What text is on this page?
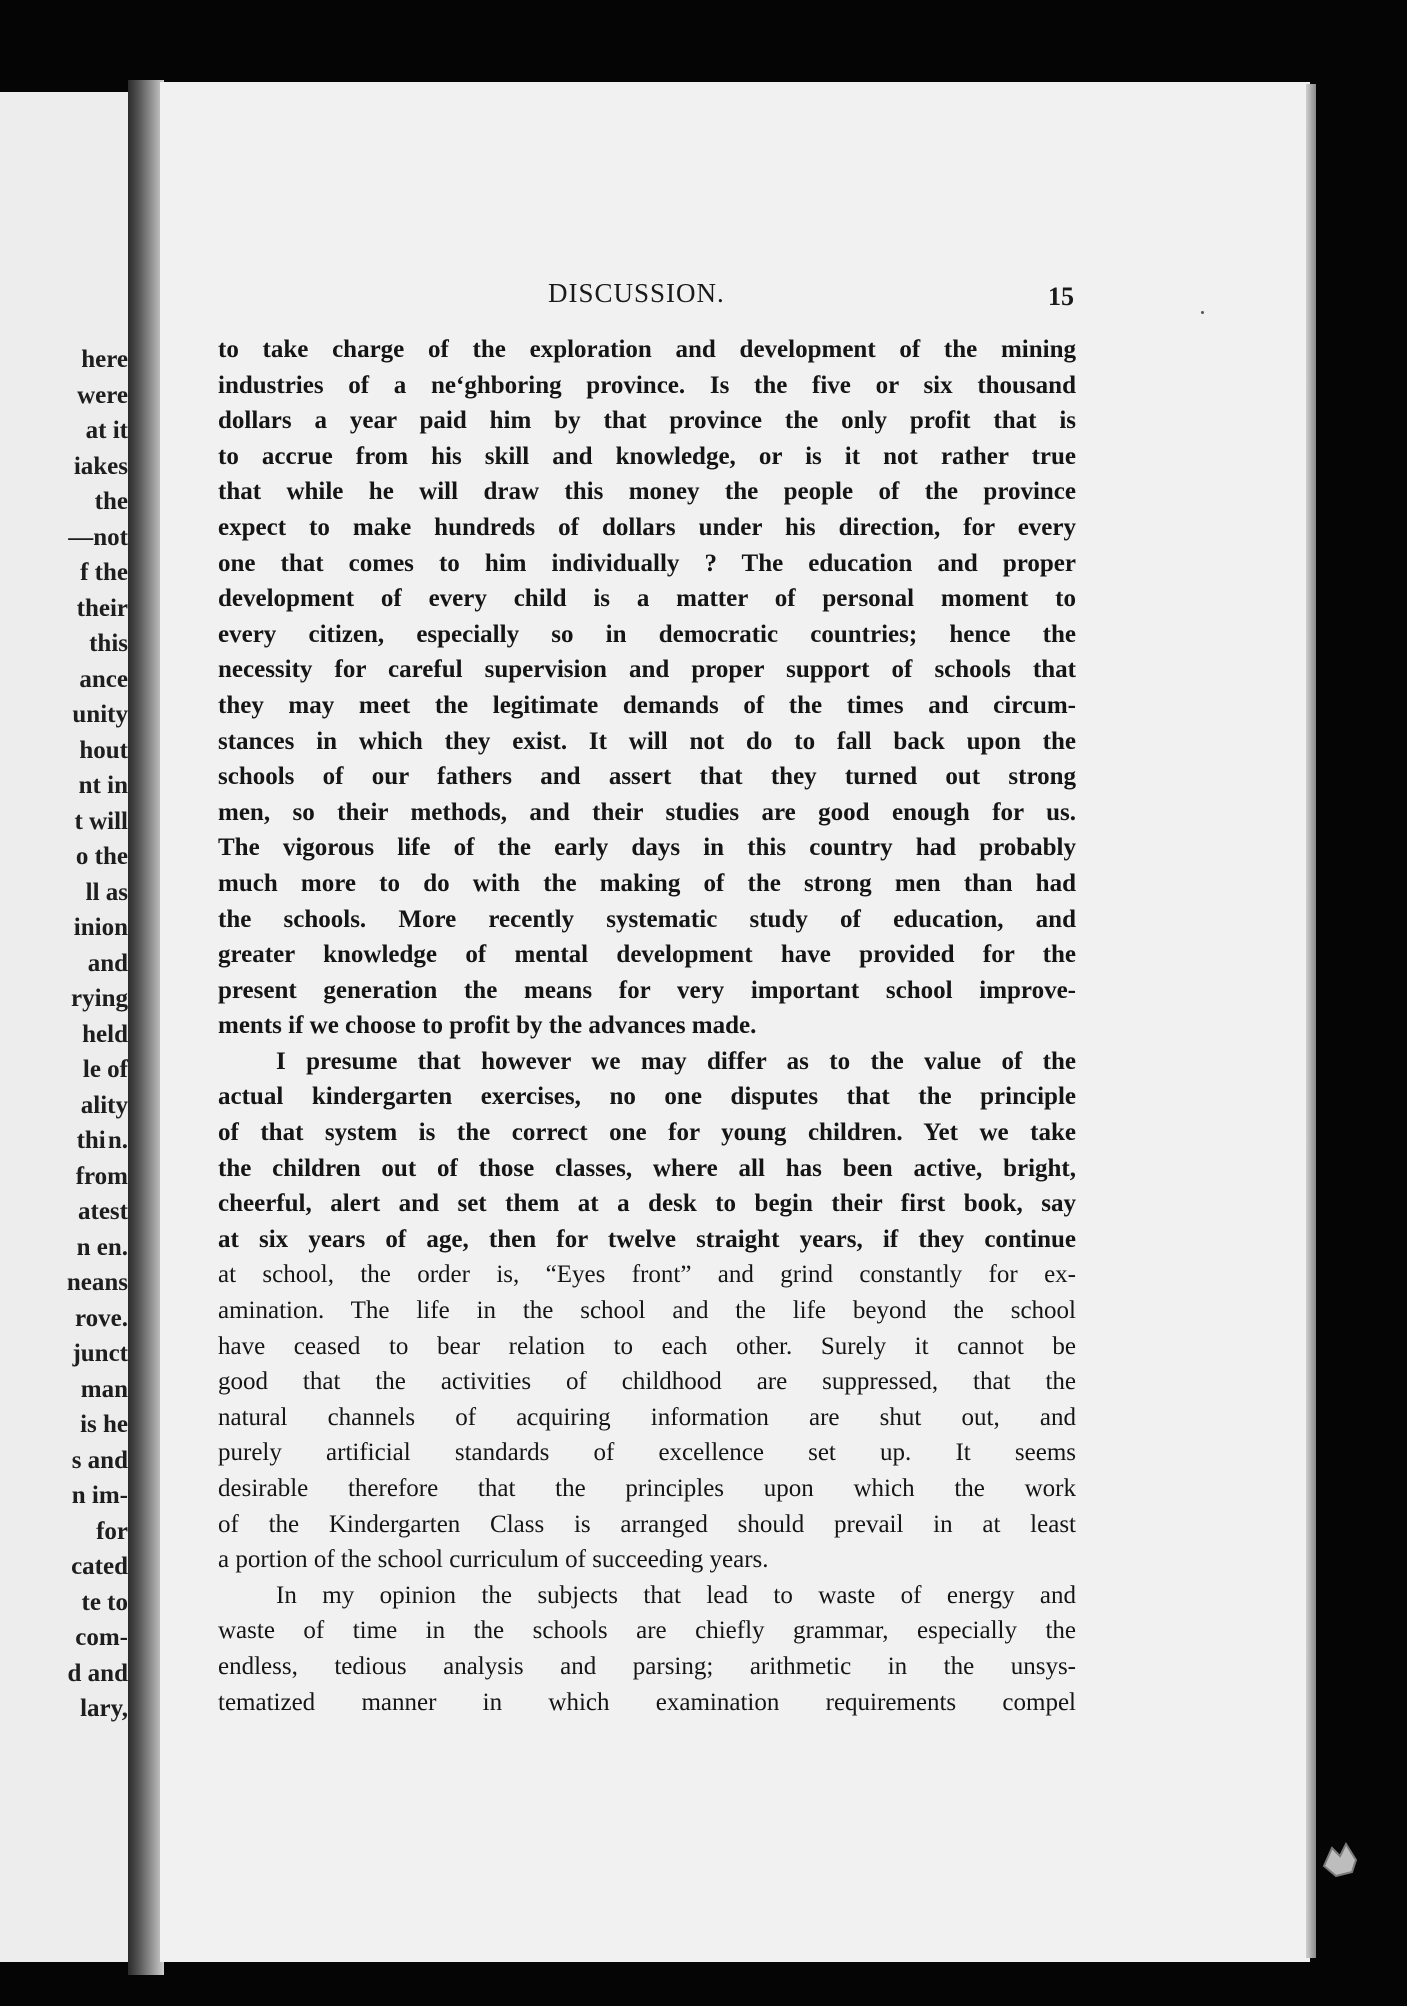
here
were
at it
iakes
the
—not
f the
their
this
ance
unity
hout
nt in
t will
o the
ll as
inion
and
rying
held
le of
ality
thi n.
from
atest
n en.
neans
rove.
junct
man
is he
s and
n im-
for
cated
te to
com-
d and
lary,
DISCUSSION.	15
to take charge of the exploration and development of the mining
industries of a neʻghboring province. Is the five or six thousand
dollars a year paid him by that province the only profit that is
to accrue from his skill and knowledge, or is it not rather true
that while he will draw this money the people of the province
expect to make hundreds of dollars under his direction, for every
one that comes to him individually ? The education and proper
development of every child is a matter of personal moment to
every citizen, especially so in democratic countries; hence the
necessity for careful supervision and proper support of schools that
they may meet the legitimate demands of the times and circum-
stances in which they exist. It will not do to fall back upon the
schools of our fathers and assert that they turned out strong
men, so their methods, and their studies are good enough for us.
The vigorous life of the early days in this country had probably
much more to do with the making of the strong men than had
the schools. More recently systematic study of education, and
greater knowledge of mental development have provided for the
present generation the means for very important school improve-
ments if we choose to profit by the advances made.
I presume that however we may differ as to the value of the
actual kindergarten exercises, no one disputes that the principle
of that system is the correct one for young children. Yet we take
the children out of those classes, where all has been active, bright,
cheerful, alert and set them at a desk to begin their first book, say
at six years of age, then for twelve straight years, if they continue
at school, the order is, “Eyes front” and grind constantly for ex-
amination. The life in the school and the life beyond the school
have ceased to bear relation to each other. Surely it cannot be
good that the activities of childhood are suppressed, that the
natural channels of acquiring information are shut out, and
purely artificial standards of excellence set up. It seems
desirable therefore that the principles upon which the work
of the Kindergarten Class is arranged should prevail in at least
a portion of the school curriculum of succeeding years.
In my opinion the subjects that lead to waste of energy and
waste of time in the schools are chiefly grammar, especially the
endless, tedious analysis and parsing; arithmetic in the unsys-
tematized manner in which examination requirements compel
